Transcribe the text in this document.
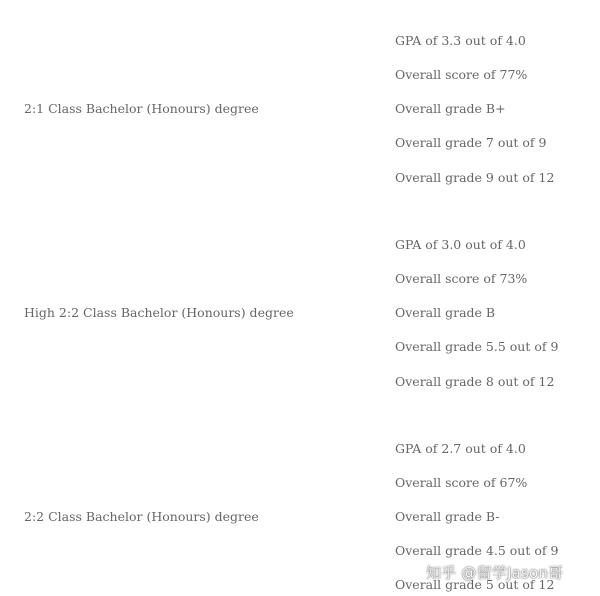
2:1 Class Bachelor (Honours) degree
GPA of 3.3 out of 4.0
Overall score of 77%
Overall grade B+
Overall grade 7 out of 9
Overall grade 9 out of 12
High 2:2 Class Bachelor (Honours) degree
GPA of 3.0 out of 4.0
Overall score of 73%
Overall grade B
Overall grade 5.5 out of 9
Overall grade 8 out of 12
2:2 Class Bachelor (Honours) degree
GPA of 2.7 out of 4.0
Overall score of 67%
Overall grade B-
Overall grade 4.5 out of 9
Overall grade 5 out of 12
知乎 @留学Jason哥
